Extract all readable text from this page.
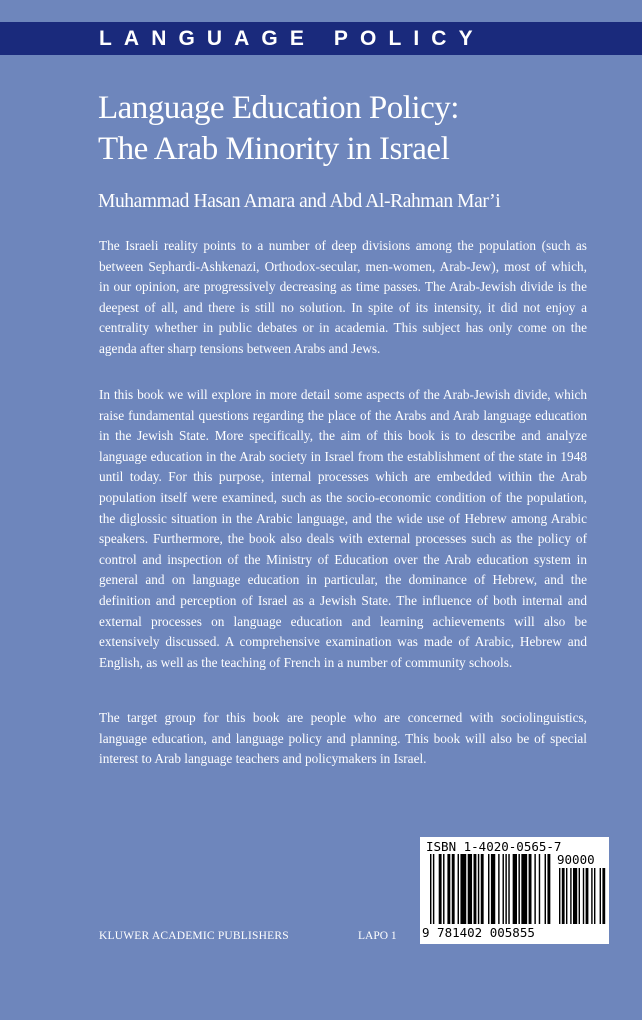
LANGUAGE POLICY
Language Education Policy:
The Arab Minority in Israel
Muhammad Hasan Amara and Abd Al-Rahman Mar’i

The Israeli reality points to a number of deep divisions among the population (such as between Sephardi-Ashkenazi, Orthodox-secular, men-women, Arab-Jew), most of which, in our opinion, are progressively decreasing as time passes. The Arab-Jewish divide is the deepest of all, and there is still no solution. In spite of its intensity, it did not enjoy a centrality whether in public debates or in academia. This subject has only come on the agenda after sharp tensions between Arabs and Jews.

In this book we will explore in more detail some aspects of the Arab-Jewish divide, which raise fundamental questions regarding the place of the Arabs and Arab language education in the Jewish State. More specifically, the aim of this book is to describe and analyze language education in the Arab society in Israel from the establishment of the state in 1948 until today. For this purpose, internal processes which are embedded within the Arab population itself were examined, such as the socio-economic condition of the population, the diglossic situation in the Arabic language, and the wide use of Hebrew among Arabic speakers. Furthermore, the book also deals with external processes such as the policy of control and inspection of the Ministry of Education over the Arab education system in general and on language education in particular, the dominance of Hebrew, and the definition and perception of Israel as a Jewish State. The influence of both internal and external processes on language education and learning achievements will also be extensively discussed. A comprehensive examination was made of Arabic, Hebrew and English, as well as the teaching of French in a number of community schools.

The target group for this book are people who are concerned with sociolinguistics, language education, and language policy and planning. This book will also be of special interest to Arab language teachers and policymakers in Israel.

ISBN 1-4020-0565-7
90000
9 781402 005855
KLUWER ACADEMIC PUBLISHERS	LAPO 1
